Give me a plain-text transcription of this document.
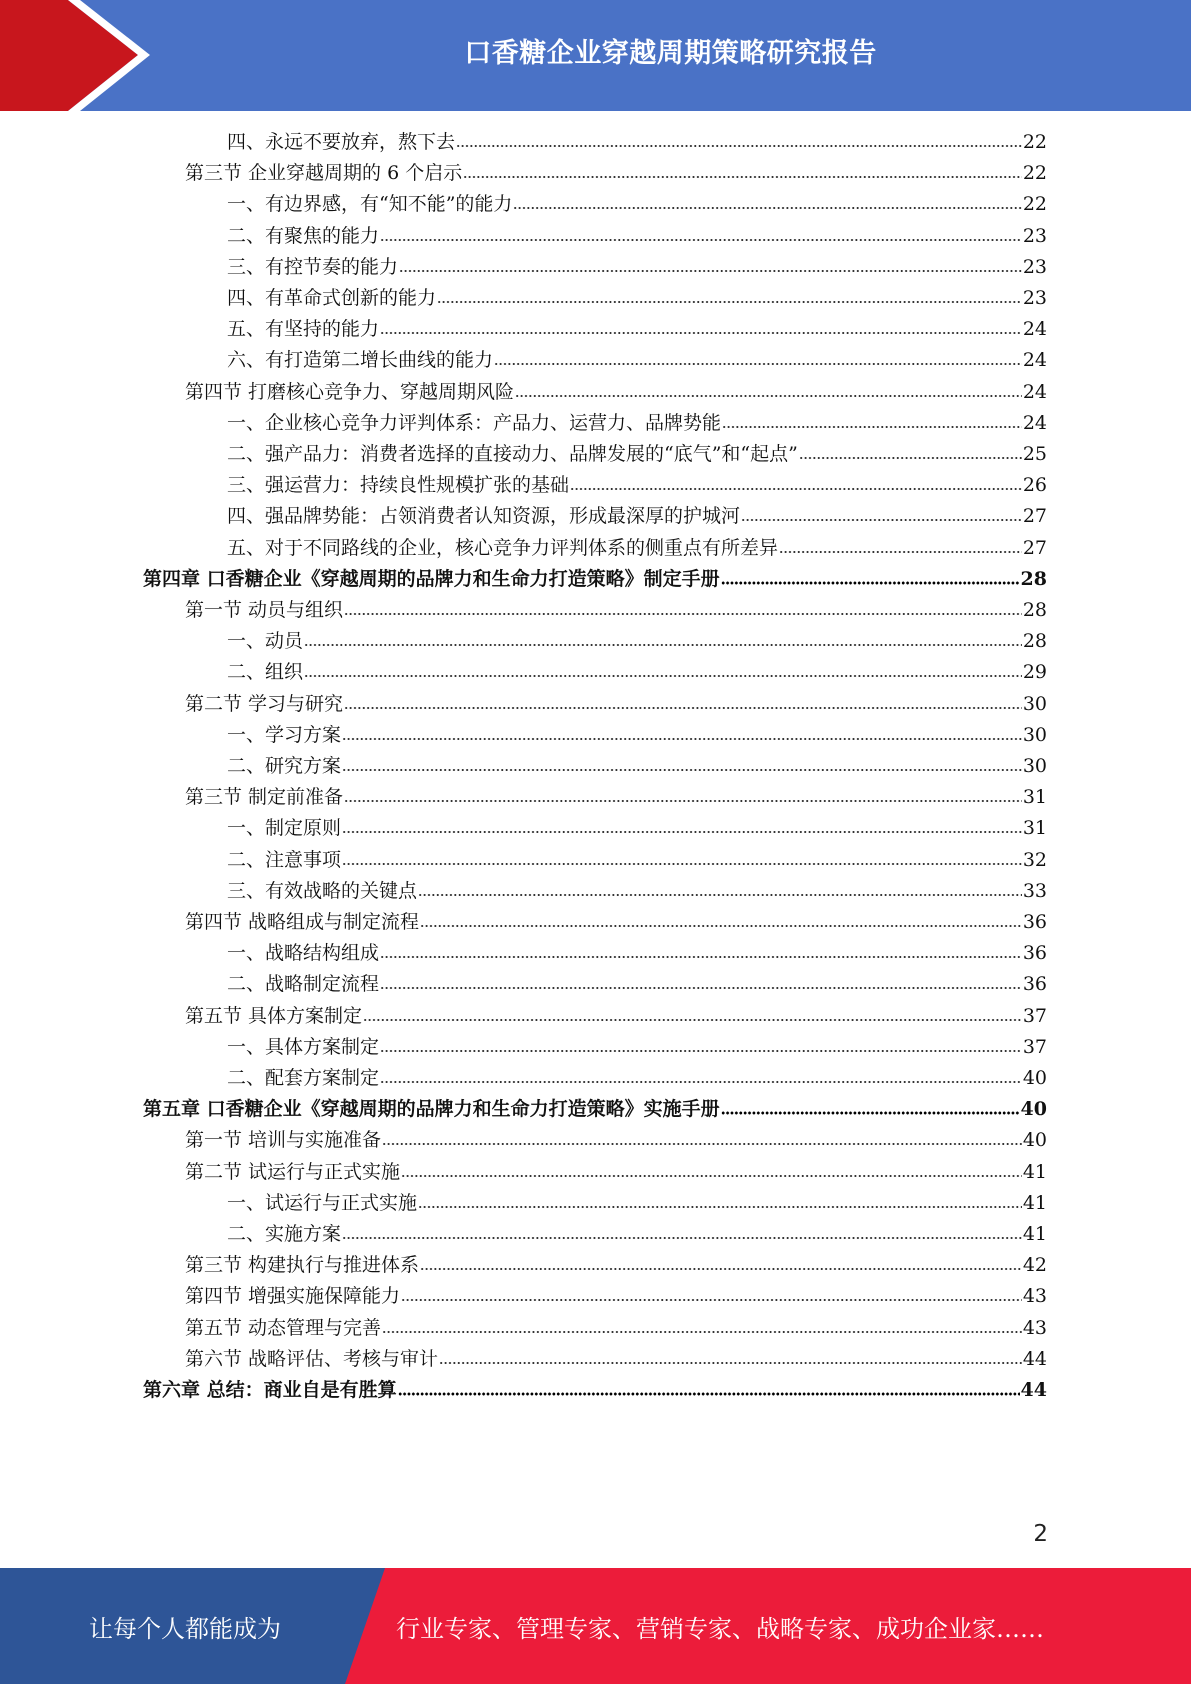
口香糖企业穿越周期策略研究报告
四、永远不要放弃，熬下去	22
第三节 企业穿越周期的 6 个启示	22
一、有边界感，有“知不能”的能力	22
二、有聚焦的能力	23
三、有控节奏的能力	23
四、有革命式创新的能力	23
五、有坚持的能力	24
六、有打造第二增长曲线的能力	24
第四节 打磨核心竞争力、穿越周期风险	24
一、企业核心竞争力评判体系：产品力、运营力、品牌势能	24
二、强产品力：消费者选择的直接动力、品牌发展的“底气”和“起点”	25
三、强运营力：持续良性规模扩张的基础	26
四、强品牌势能：占领消费者认知资源，形成最深厚的护城河	27
五、对于不同路线的企业，核心竞争力评判体系的侧重点有所差异	27
第四章 口香糖企业《穿越周期的品牌力和生命力打造策略》制定手册	28
第一节 动员与组织	28
一、动员	28
二、组织	29
第二节 学习与研究	30
一、学习方案	30
二、研究方案	30
第三节 制定前准备	31
一、制定原则	31
二、注意事项	32
三、有效战略的关键点	33
第四节 战略组成与制定流程	36
一、战略结构组成	36
二、战略制定流程	36
第五节 具体方案制定	37
一、具体方案制定	37
二、配套方案制定	40
第五章 口香糖企业《穿越周期的品牌力和生命力打造策略》实施手册	40
第一节 培训与实施准备	40
第二节 试运行与正式实施	41
一、试运行与正式实施	41
二、实施方案	41
第三节 构建执行与推进体系	42
第四节 增强实施保障能力	43
第五节 动态管理与完善	43
第六节 战略评估、考核与审计	44
第六章 总结：商业自是有胜算	44
2
让每个人都能成为	行业专家、管理专家、营销专家、战略专家、成功企业家……
